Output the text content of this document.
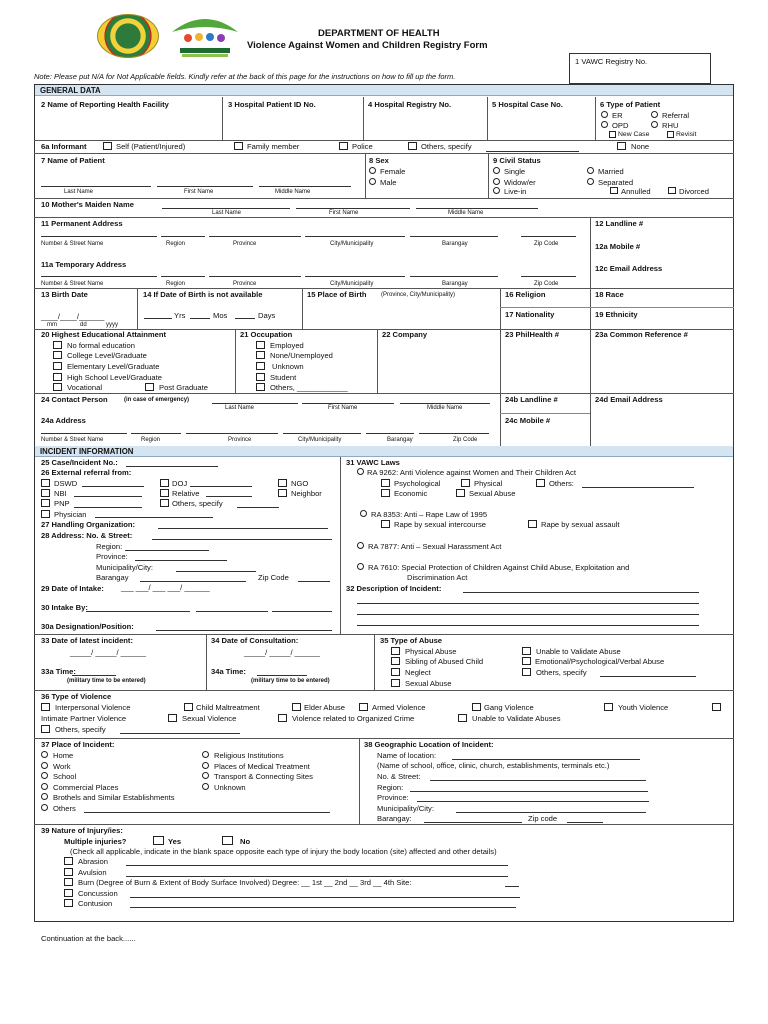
DEPARTMENT OF HEALTH
Violence Against Women and Children Registry Form
1 VAWC Registry No.
Note: Please put N/A for Not Applicable fields. Kindly refer at the back of this page for the instructions on how to fill up the form.
GENERAL DATA
2 Name of Reporting Health Facility	3 Hospital Patient ID No.	4 Hospital Registry No.	5 Hospital Case No.	6 Type of Patient
ER	Referral
OPD	RHU
New Case	Revisit
6a Informant	Self (Patient/Injured)	Family member	Police	Others, specify	None
7 Name of Patient
Last Name	First Name	Middle Name
8 Sex
Female
Male
9 Civil Status
Single	Married
Widow/er	Separated
Live-in	Annulled	Divorced
10 Mother's Maiden Name
Last Name	First Name	Middle Name
11 Permanent Address
Number & Street Name	Region	Province	City/Municipality	Barangay	Zip Code
11a Temporary Address
Number & Street Name	Region	Province	City/Municipality	Barangay	Zip Code
12 Landline #
12a Mobile #
12c Email Address
13 Birth Date
____/____/______
mm	dd	yyyy
14 If Date of Birth is not available
Yrs	Mos	Days
15 Place of Birth (Province, City/Municipality)	16 Religion
17 Nationality
18 Race
19 Ethnicity
20 Highest Educational Attainment
No formal education
College Level/Graduate
Elementary Level/Graduate
High School Level/Graduate
Vocational	Post Graduate
21 Occupation
Employed
None/Unemployed
Unknown
Student
Others, ____________
22 Company	23 PhilHealth #	23a Common Reference #
24 Contact Person	(in case of emergency)
Last Name	First Name	Middle Name
24a Address
Number & Street Name	Region	Province	City/Municipality	Barangay	Zip Code
24b Landline #
24c Mobile #
24d Email Address
INCIDENT INFORMATION
25 Case/Incident No.:
26 External referral from:
DSWD	DOJ	NGO
NBI	Relative	Neighbor
PNP	Others, specify
Physician
27 Handling Organization:
28 Address: No. & Street:
Region:
Province:
Municipality/City:
Barangay	Zip Code
29 Date of Intake: ___ ___/ ___ ___/ ______
30 Intake By:
30a Designation/Position:
31 VAWC Laws
RA 9262: Anti Violence against Women and Their Children Act
Psychological	Physical	Others:
Economic	Sexual Abuse
RA 8353: Anti – Rape Law of 1995
Rape by sexual intercourse	Rape by sexual assault
RA 7877: Anti – Sexual Harassment Act
RA 7610: Special Protection of Children Against Child Abuse, Exploitation and
Discrimination Act
32 Description of Incident:
33 Date of latest incident:
_____/ _____/ ______
33a Time:
(military time to be entered)
34 Date of Consultation:
_____/ _____/ ______
34a Time:
(military time to be entered)
35 Type of Abuse
Physical Abuse	Unable to Validate Abuse
Sibling of Abused Child	Emotional/Psychological/Verbal Abuse
Neglect	Others, specify
Sexual Abuse
36 Type of Violence
Interpersonal Violence	Child Maltreatment	Elder Abuse	Armed Violence	Gang Violence	Youth Violence
Intimate Partner Violence	Sexual Violence	Violence related to Organized Crime	Unable to Validate Abuses
Others, specify
37 Place of Incident:
Home
Work
School
Commercial Places
Brothels and Similar Establishments
Others
Religious Institutions
Places of Medical Treatment
Transport & Connecting Sites
Unknown
38 Geographic Location of Incident:
Name of location:
(Name of school, office, clinic, church, establishments, terminals etc.)
No. & Street:
Region:
Province:
Municipality/City:
Barangay:	Zip code
39 Nature of Injury/ies:
Multiple injuries?	Yes	No
(Check all applicable, indicate in the blank space opposite each type of injury the body location (site) affected and other details)
Abrasion
Avulsion
Burn (Degree of Burn & Extent of Body Surface Involved) Degree: __ 1st __ 2nd __ 3rd __ 4th Site:
Concussion
Contusion
Continuation at the back......
